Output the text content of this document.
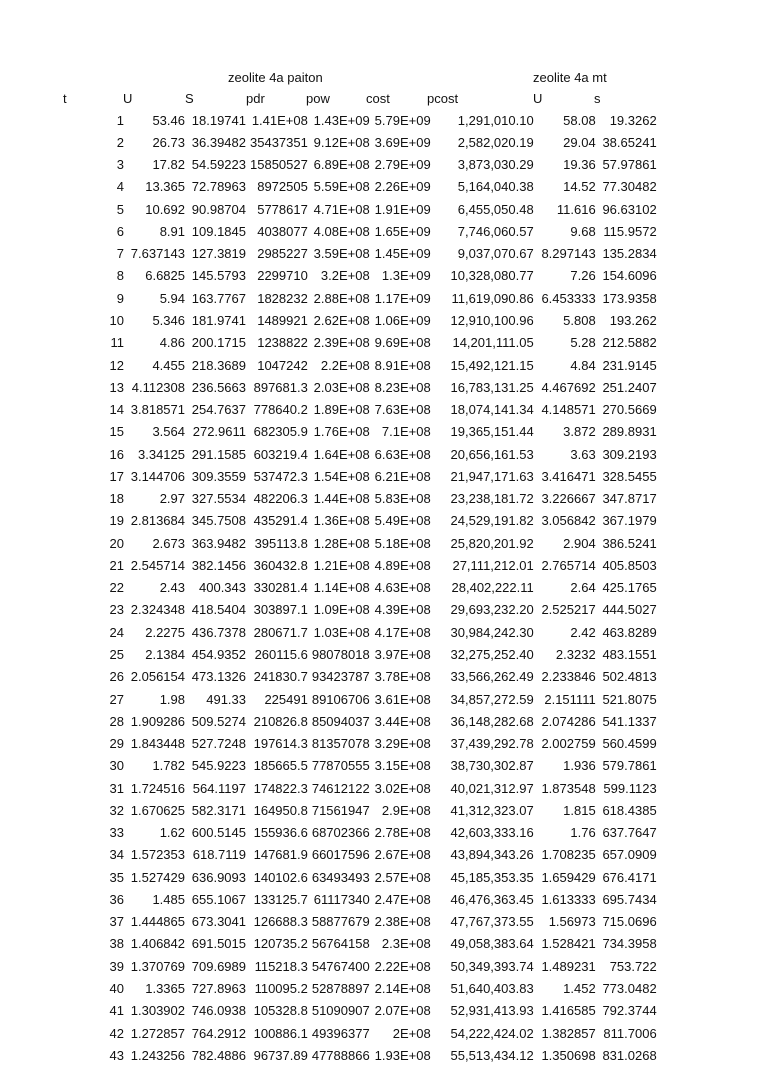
zeolite 4a paiton	zeolite 4a mt
t	U	S	pdr	pow	cost	pcost	U	s
1	53.46	18.19741	1.41E+08	1.43E+09	5.79E+09	1,291,010.10	58.08	19.3262
2	26.73	36.39482	35437351	9.12E+08	3.69E+09	2,582,020.19	29.04	38.65241
3	17.82	54.59223	15850527	6.89E+08	2.79E+09	3,873,030.29	19.36	57.97861
4	13.365	72.78963	8972505	5.59E+08	2.26E+09	5,164,040.38	14.52	77.30482
5	10.692	90.98704	5778617	4.71E+08	1.91E+09	6,455,050.48	11.616	96.63102
6	8.91	109.1845	4038077	4.08E+08	1.65E+09	7,746,060.57	9.68	115.9572
7	7.637143	127.3819	2985227	3.59E+08	1.45E+09	9,037,070.67	8.297143	135.2834
8	6.6825	145.5793	2299710	3.2E+08	1.3E+09	10,328,080.77	7.26	154.6096
9	5.94	163.7767	1828232	2.88E+08	1.17E+09	11,619,090.86	6.453333	173.9358
10	5.346	181.9741	1489921	2.62E+08	1.06E+09	12,910,100.96	5.808	193.262
11	4.86	200.1715	1238822	2.39E+08	9.69E+08	14,201,111.05	5.28	212.5882
12	4.455	218.3689	1047242	2.2E+08	8.91E+08	15,492,121.15	4.84	231.9145
13	4.112308	236.5663	897681.3	2.03E+08	8.23E+08	16,783,131.25	4.467692	251.2407
14	3.818571	254.7637	778640.2	1.89E+08	7.63E+08	18,074,141.34	4.148571	270.5669
15	3.564	272.9611	682305.9	1.76E+08	7.1E+08	19,365,151.44	3.872	289.8931
16	3.34125	291.1585	603219.4	1.64E+08	6.63E+08	20,656,161.53	3.63	309.2193
17	3.144706	309.3559	537472.3	1.54E+08	6.21E+08	21,947,171.63	3.416471	328.5455
18	2.97	327.5534	482206.3	1.44E+08	5.83E+08	23,238,181.72	3.226667	347.8717
19	2.813684	345.7508	435291.4	1.36E+08	5.49E+08	24,529,191.82	3.056842	367.1979
20	2.673	363.9482	395113.8	1.28E+08	5.18E+08	25,820,201.92	2.904	386.5241
21	2.545714	382.1456	360432.8	1.21E+08	4.89E+08	27,111,212.01	2.765714	405.8503
22	2.43	400.343	330281.4	1.14E+08	4.63E+08	28,402,222.11	2.64	425.1765
23	2.324348	418.5404	303897.1	1.09E+08	4.39E+08	29,693,232.20	2.525217	444.5027
24	2.2275	436.7378	280671.7	1.03E+08	4.17E+08	30,984,242.30	2.42	463.8289
25	2.1384	454.9352	260115.6	98078018	3.97E+08	32,275,252.40	2.3232	483.1551
26	2.056154	473.1326	241830.7	93423787	3.78E+08	33,566,262.49	2.233846	502.4813
27	1.98	491.33	225491	89106706	3.61E+08	34,857,272.59	2.151111	521.8075
28	1.909286	509.5274	210826.8	85094037	3.44E+08	36,148,282.68	2.074286	541.1337
29	1.843448	527.7248	197614.3	81357078	3.29E+08	37,439,292.78	2.002759	560.4599
30	1.782	545.9223	185665.5	77870555	3.15E+08	38,730,302.87	1.936	579.7861
31	1.724516	564.1197	174822.3	74612122	3.02E+08	40,021,312.97	1.873548	599.1123
32	1.670625	582.3171	164950.8	71561947	2.9E+08	41,312,323.07	1.815	618.4385
33	1.62	600.5145	155936.6	68702366	2.78E+08	42,603,333.16	1.76	637.7647
34	1.572353	618.7119	147681.9	66017596	2.67E+08	43,894,343.26	1.708235	657.0909
35	1.527429	636.9093	140102.6	63493493	2.57E+08	45,185,353.35	1.659429	676.4171
36	1.485	655.1067	133125.7	61117340	2.47E+08	46,476,363.45	1.613333	695.7434
37	1.444865	673.3041	126688.3	58877679	2.38E+08	47,767,373.55	1.56973	715.0696
38	1.406842	691.5015	120735.2	56764158	2.3E+08	49,058,383.64	1.528421	734.3958
39	1.370769	709.6989	115218.3	54767400	2.22E+08	50,349,393.74	1.489231	753.722
40	1.3365	727.8963	110095.2	52878897	2.14E+08	51,640,403.83	1.452	773.0482
41	1.303902	746.0938	105328.8	51090907	2.07E+08	52,931,413.93	1.416585	792.3744
42	1.272857	764.2912	100886.1	49396377	2E+08	54,222,424.02	1.382857	811.7006
43	1.243256	782.4886	96737.89	47788866	1.93E+08	55,513,434.12	1.350698	831.0268
